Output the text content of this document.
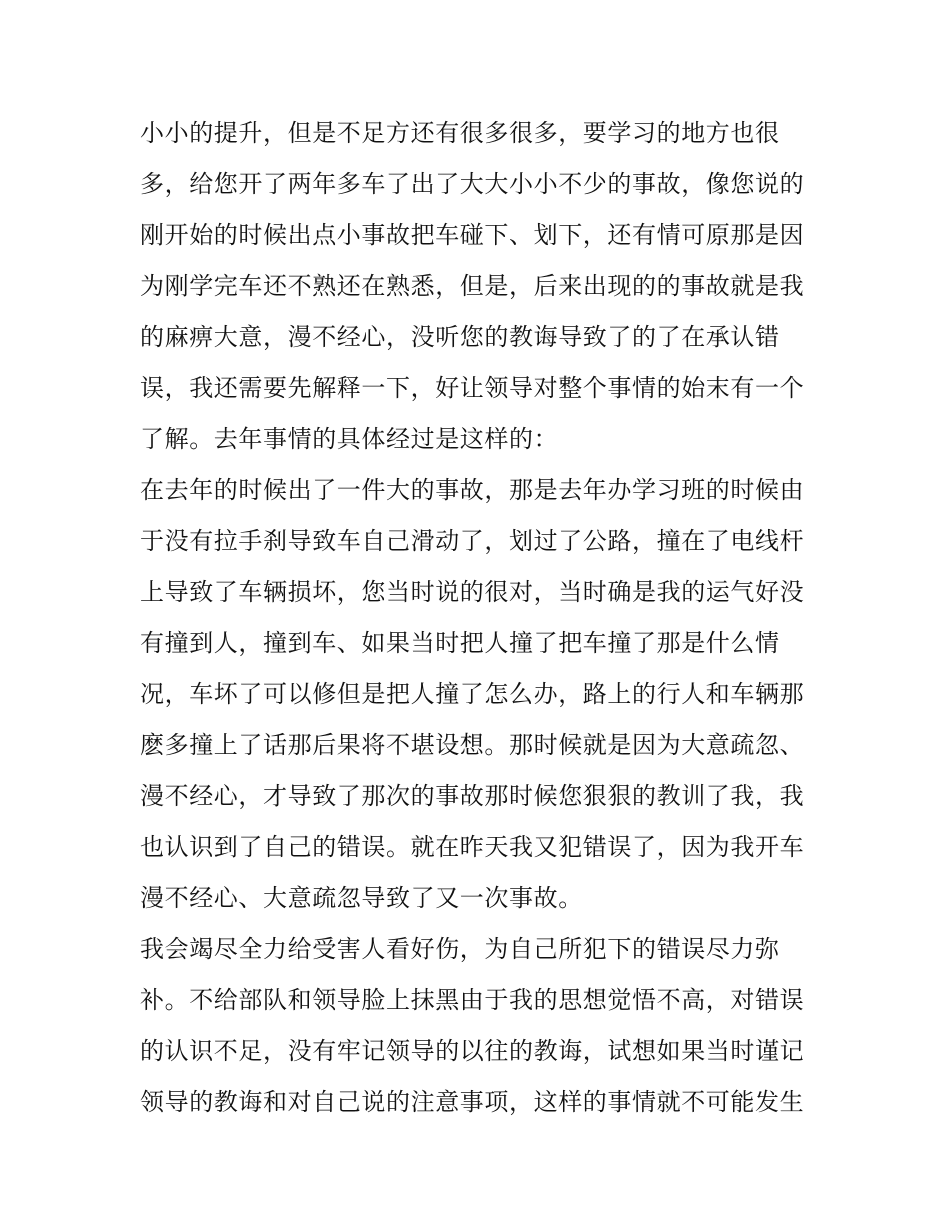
小小的提升，但是不足方还有很多很多，要学习的地方也很
多，给您开了两年多车了出了大大小小不少的事故，像您说的
刚开始的时候出点小事故把车碰下、划下，还有情可原那是因
为刚学完车还不熟还在熟悉，但是，后来出现的的事故就是我
的麻痹大意，漫不经心，没听您的教诲导致了的了在承认错
误，我还需要先解释一下，好让领导对整个事情的始末有一个
了解。去年事情的具体经过是这样的：
在去年的时候出了一件大的事故，那是去年办学习班的时候由
于没有拉手刹导致车自己滑动了，划过了公路，撞在了电线杆
上导致了车辆损坏，您当时说的很对，当时确是我的运气好没
有撞到人，撞到车、如果当时把人撞了把车撞了那是什么情
况，车坏了可以修但是把人撞了怎么办，路上的行人和车辆那
麽多撞上了话那后果将不堪设想。那时候就是因为大意疏忽、
漫不经心，才导致了那次的事故那时候您狠狠的教训了我，我
也认识到了自己的错误。就在昨天我又犯错误了，因为我开车
漫不经心、大意疏忽导致了又一次事故。
我会竭尽全力给受害人看好伤，为自己所犯下的错误尽力弥
补。不给部队和领导脸上抹黑由于我的思想觉悟不高，对错误
的认识不足，没有牢记领导的以往的教诲，试想如果当时谨记
领导的教诲和对自己说的注意事项，这样的事情就不可能发生
